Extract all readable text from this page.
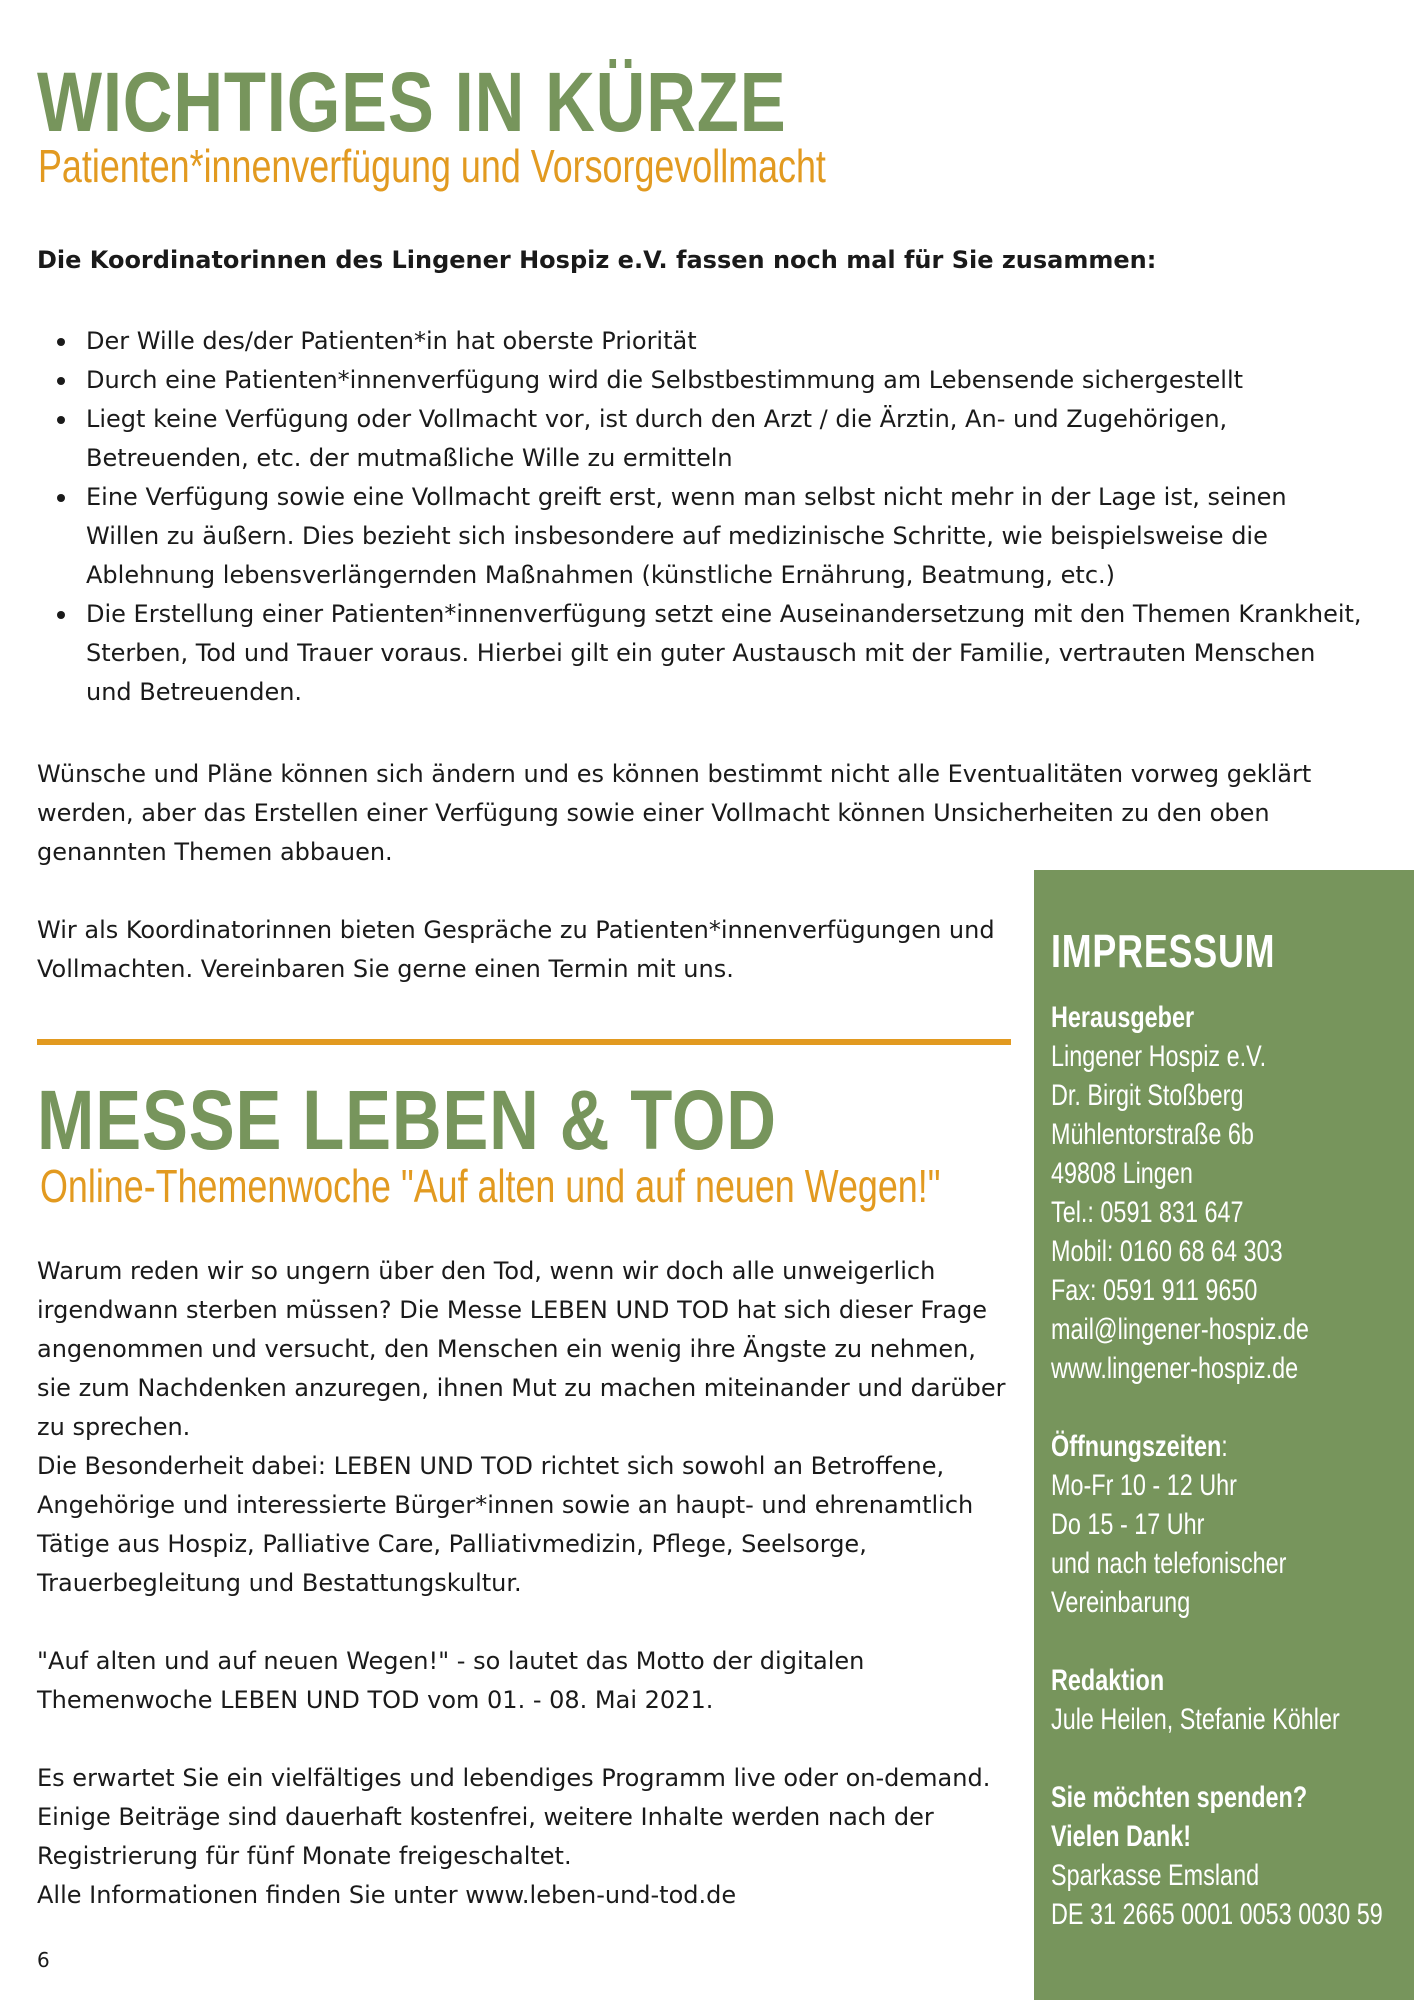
WICHTIGES IN KÜRZE
Patienten*innenverfügung und Vorsorgevollmacht

Die Koordinatorinnen des Lingener Hospiz e.V. fassen noch mal für Sie zusammen:

Der Wille des/der Patienten*in hat oberste Priorität
Durch eine Patienten*innenverfügung wird die Selbstbestimmung am Lebensende sichergestellt
Liegt keine Verfügung oder Vollmacht vor, ist durch den Arzt / die Ärztin, An- und Zugehörigen, Betreuenden, etc. der mutmaßliche Wille zu ermitteln
Eine Verfügung sowie eine Vollmacht greift erst, wenn man selbst nicht mehr in der Lage ist, seinen Willen zu äußern. Dies bezieht sich insbesondere auf medizinische Schritte, wie beispielsweise die Ablehnung lebensverlängernden Maßnahmen (künstliche Ernährung, Beatmung, etc.)
Die Erstellung einer Patienten*innenverfügung setzt eine Auseinandersetzung mit den Themen Krankheit, Sterben, Tod und Trauer voraus. Hierbei gilt ein guter Austausch mit der Familie, vertrauten Menschen und Betreuenden.

Wünsche und Pläne können sich ändern und es können bestimmt nicht alle Eventualitäten vorweg geklärt werden, aber das Erstellen einer Verfügung sowie einer Vollmacht können Unsicherheiten zu den oben genannten Themen abbauen.

Wir als Koordinatorinnen bieten Gespräche zu Patienten*innenverfügungen und Vollmachten. Vereinbaren Sie gerne einen Termin mit uns.

MESSE LEBEN & TOD
Online-Themenwoche "Auf alten und auf neuen Wegen!"

Warum reden wir so ungern über den Tod, wenn wir doch alle unweigerlich irgendwann sterben müssen? Die Messe LEBEN UND TOD hat sich dieser Frage angenommen und versucht, den Menschen ein wenig ihre Ängste zu nehmen, sie zum Nachdenken anzuregen, ihnen Mut zu machen miteinander und darüber zu sprechen.

Die Besonderheit dabei: LEBEN UND TOD richtet sich sowohl an Betroffene, Angehörige und interessierte Bürger*innen sowie an haupt- und ehrenamtlich Tätige aus Hospiz, Palliative Care, Palliativmedizin, Pflege, Seelsorge, Trauerbegleitung und Bestattungskultur.

"Auf alten und auf neuen Wegen!" - so lautet das Motto der digitalen Themenwoche LEBEN UND TOD vom 01. - 08. Mai 2021.

Es erwartet Sie ein vielfältiges und lebendiges Programm live oder on-demand. Einige Beiträge sind dauerhaft kostenfrei, weitere Inhalte werden nach der Registrierung für fünf Monate freigeschaltet.

Alle Informationen finden Sie unter www.leben-und-tod.de

6
IMPRESSUM
Herausgeber
Lingener Hospiz e.V.
Dr. Birgit Stoßberg
Mühlentorstraße 6b
49808 Lingen
Tel.: 0591 831 647
Mobil: 0160 68 64 303
Fax: 0591 911 9650
mail@lingener-hospiz.de
www.lingener-hospiz.de
Öffnungszeiten:
Mo-Fr 10 - 12 Uhr
Do 15 - 17 Uhr
und nach telefonischer
Vereinbarung
Redaktion
Jule Heilen, Stefanie Köhler
Sie möchten spenden?
Vielen Dank!
Sparkasse Emsland
DE 31 2665 0001 0053 0030 59
